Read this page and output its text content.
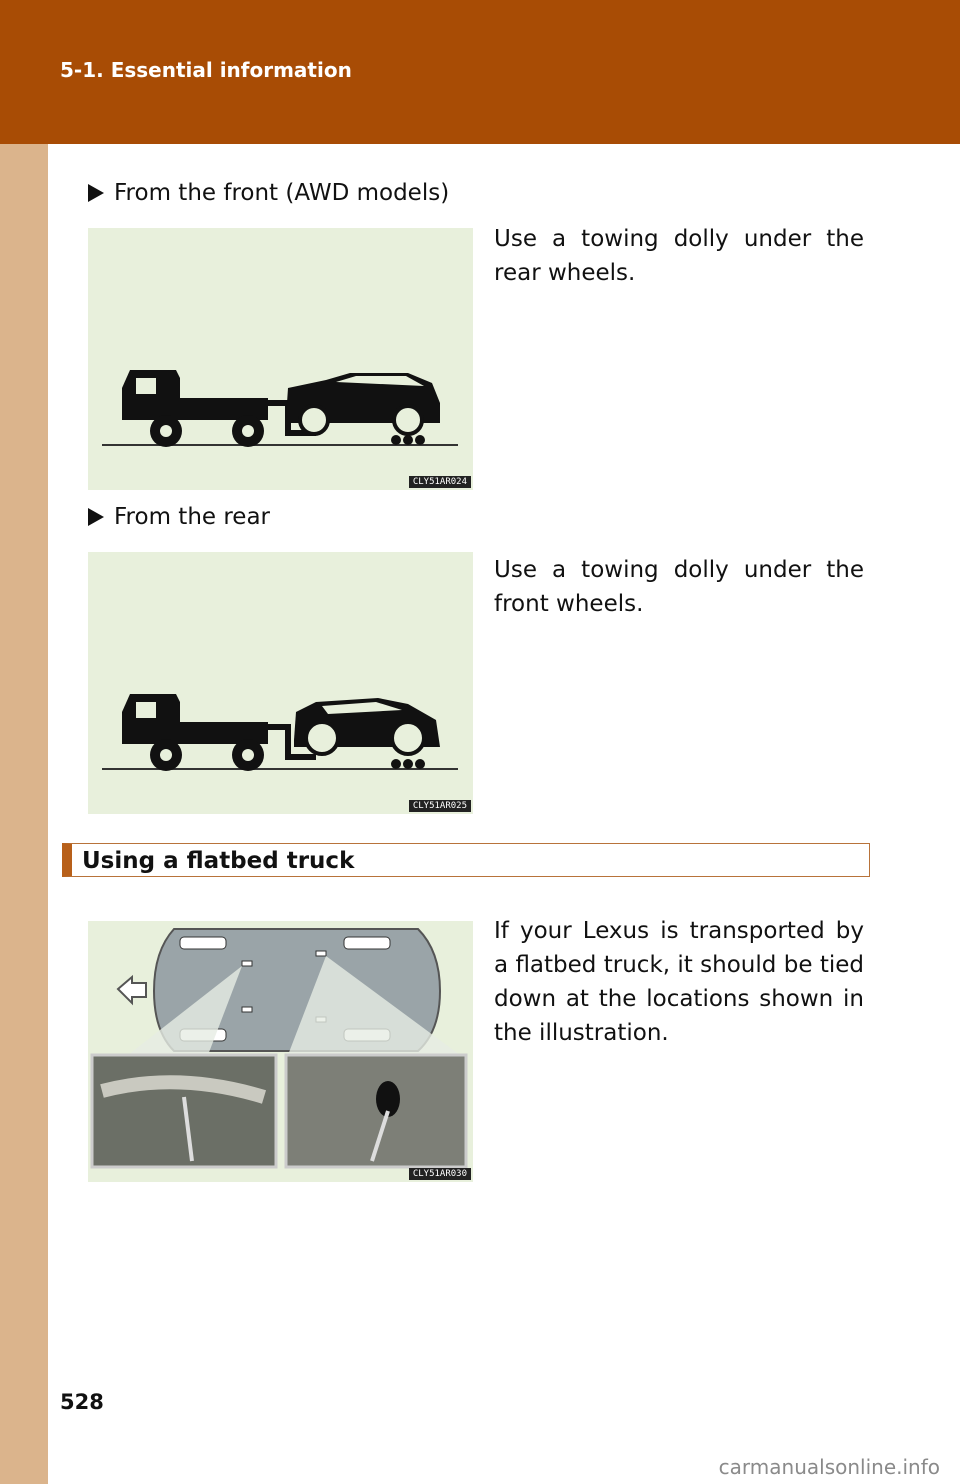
5-1. Essential information
From the front (AWD models)
CLY51AR024
Use a towing dolly under the rear wheels.
From the rear
CLY51AR025
Use a towing dolly under the front wheels.
Using a flatbed truck
CLY51AR030
If your Lexus is transported by a flatbed truck, it should be tied down at the locations shown in the illustration.
528
carmanualsonline.info
